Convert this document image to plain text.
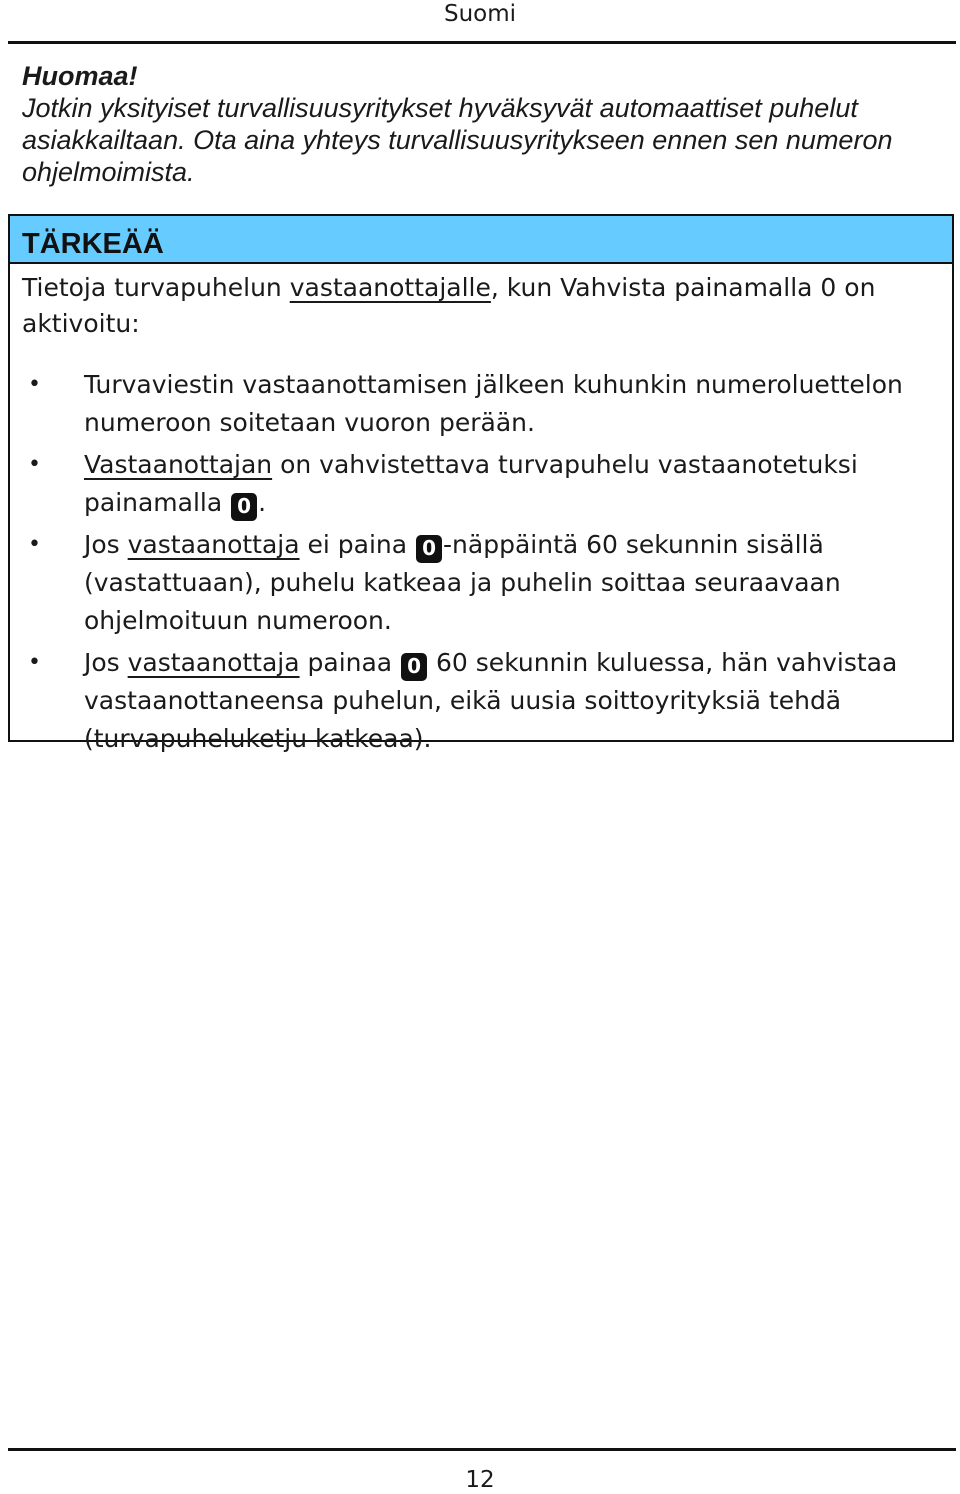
Suomi
Huomaa!
Jotkin yksityiset turvallisuusyritykset hyväksyvät automaattiset puhelut asiakkailtaan. Ota aina yhteys turvallisuusyritykseen ennen sen numeron ohjelmoimista.
TÄRKEÄÄ
Tietoja turvapuhelun vastaanottajalle, kun Vahvista painamalla 0 on aktivoitu:
• Turvaviestin vastaanottamisen jälkeen kuhunkin numeroluettelon numeroon soitetaan vuoron perään.
• Vastaanottajan on vahvistettava turvapuhelu vastaanotetuksi painamalla 0 .
• Jos vastaanottaja ei paina 0 -näppäintä 60 sekunnin sisällä (vastattuaan), puhelu katkeaa ja puhelin soittaa seuraavaan ohjelmoituun numeroon.
• Jos vastaanottaja painaa 0 60 sekunnin kuluessa, hän vahvistaa vastaanottaneensa puhelun, eikä uusia soittoyrityksiä tehdä (turvapuheluketju katkeaa).
12
